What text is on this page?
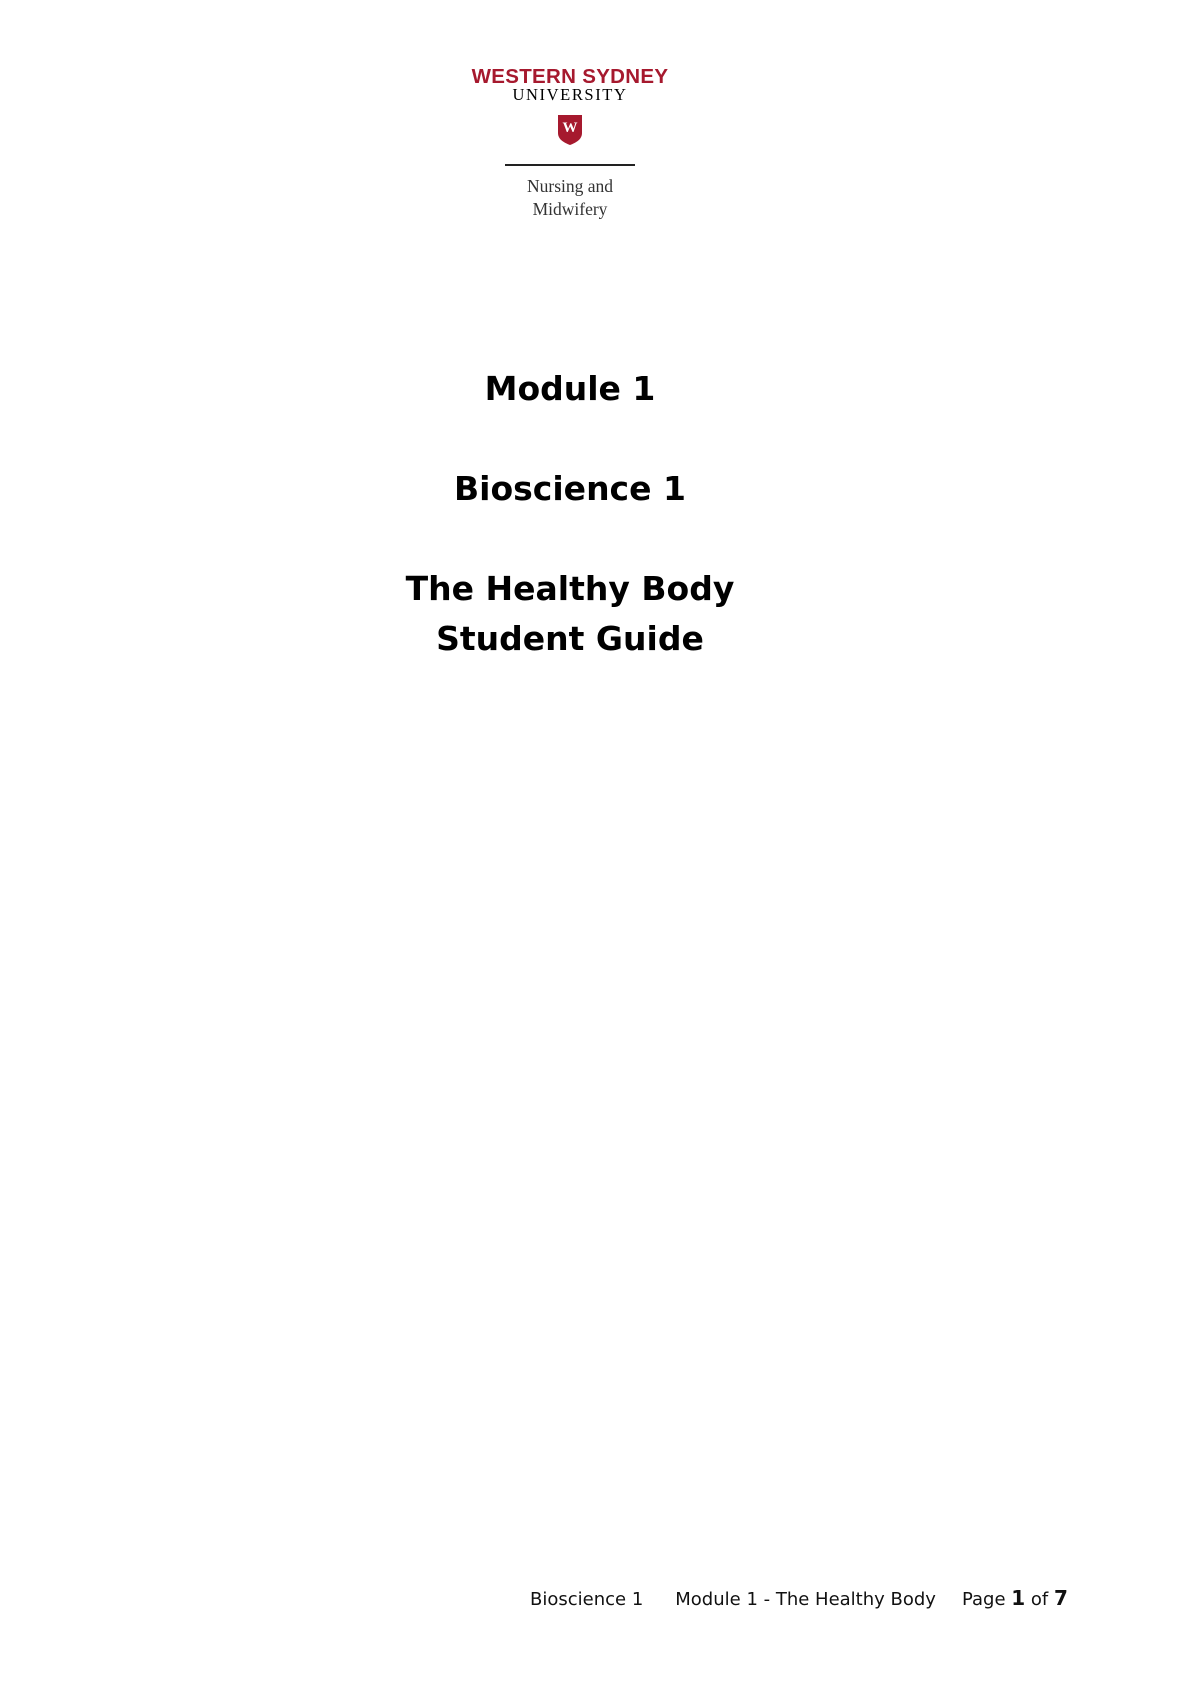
WESTERN SYDNEY
UNIVERSITY
W
Nursing and
Midwifery
Module 1
Bioscience 1
The Healthy Body
Student Guide
Bioscience 1 Module 1 - The Healthy Body Page 1 of 7
